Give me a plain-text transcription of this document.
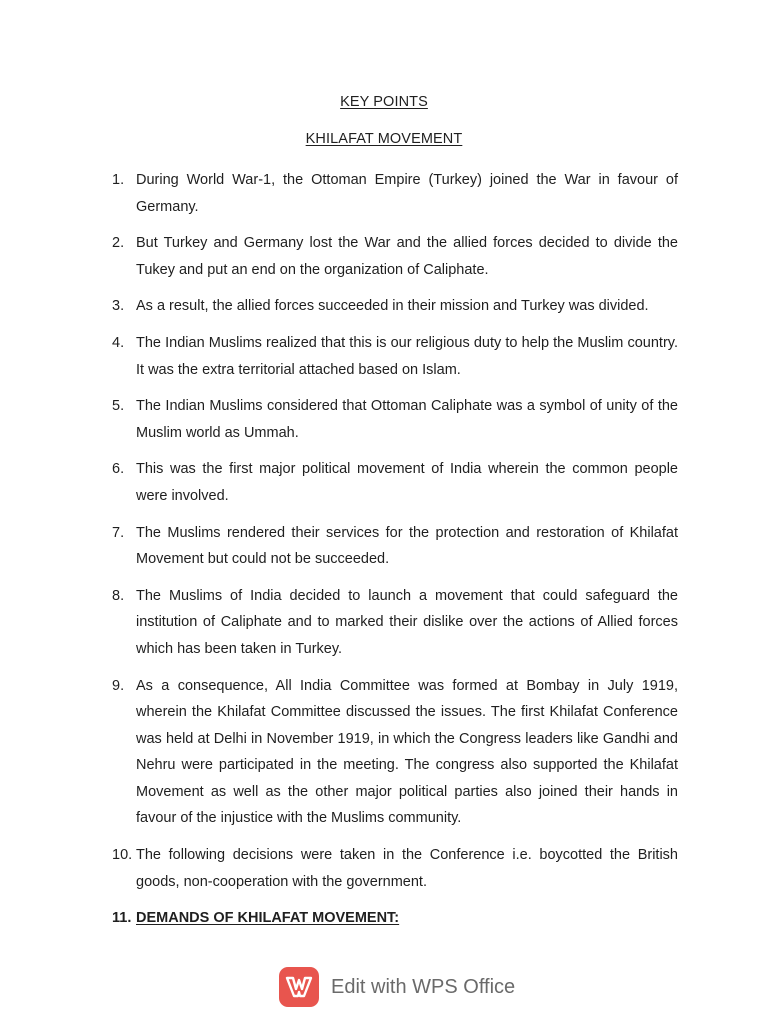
KEY POINTS
KHILAFAT MOVEMENT
1. During World War-1, the Ottoman Empire (Turkey) joined the War in favour of Germany.
2. But Turkey and Germany lost the War and the allied forces decided to divide the Tukey and put an end on the organization of Caliphate.
3. As a result, the allied forces succeeded in their mission and Turkey was divided.
4. The Indian Muslims realized that this is our religious duty to help the Muslim country. It was the extra territorial attached based on Islam.
5. The Indian Muslims considered that Ottoman Caliphate was a symbol of unity of the Muslim world as Ummah.
6. This was the first major political movement of India wherein the common people were involved.
7. The Muslims rendered their services for the protection and restoration of Khilafat Movement but could not be succeeded.
8. The Muslims of India decided to launch a movement that could safeguard the institution of Caliphate and to marked their dislike over the actions of Allied forces which has been taken in Turkey.
9. As a consequence, All India Committee was formed at Bombay in July 1919, wherein the Khilafat Committee discussed the issues. The first Khilafat Conference was held at Delhi in November 1919, in which the Congress leaders like Gandhi and Nehru were participated in the meeting. The congress also supported the Khilafat Movement as well as the other major political parties also joined their hands in favour of the injustice with the Muslims community.
10. The following decisions were taken in the Conference i.e. boycotted the British goods, non-cooperation with the government.
11. DEMANDS OF KHILAFAT MOVEMENT:
Edit with WPS Office
